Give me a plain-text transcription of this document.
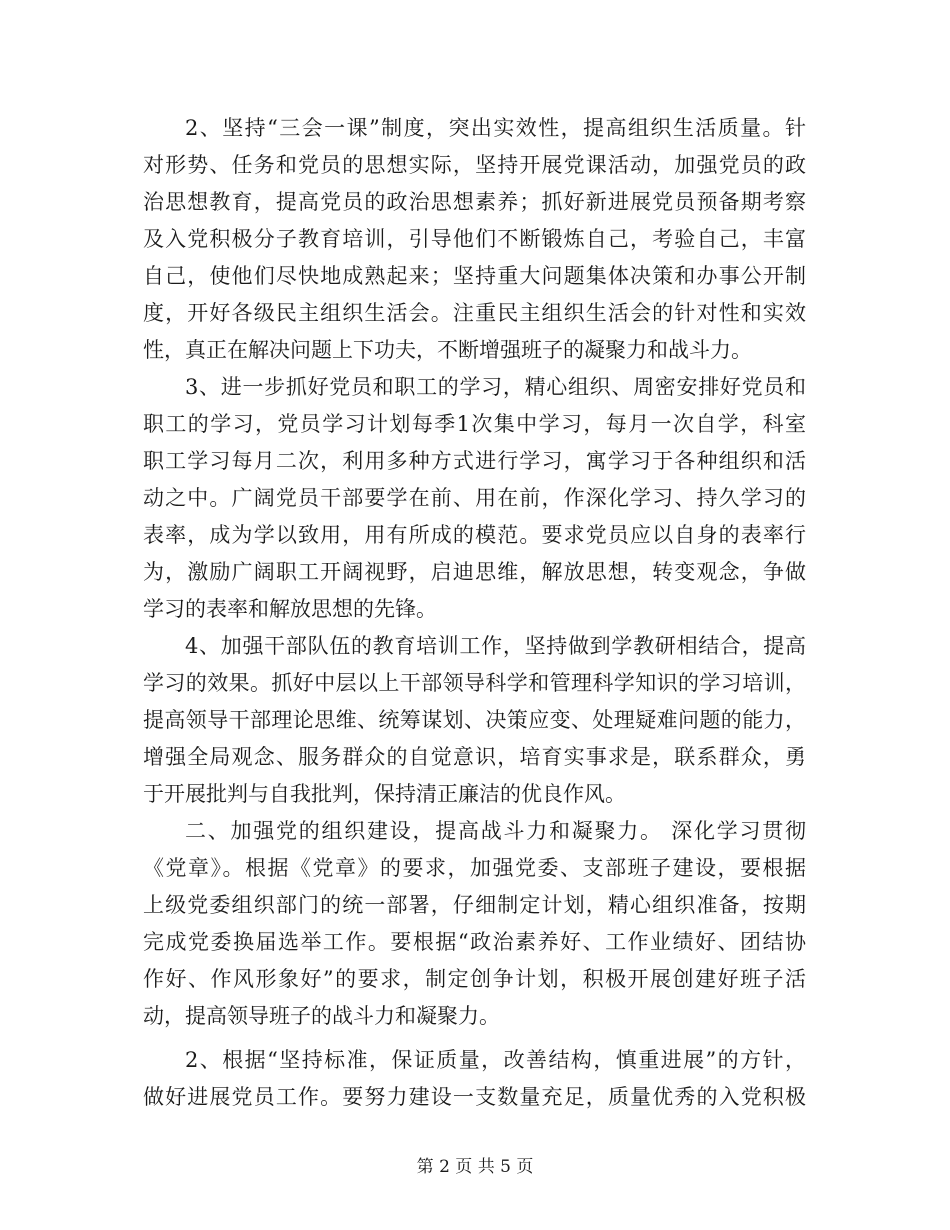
2、坚持“三会一课”制度，突出实效性，提高组织生活质量。针
对形势、任务和党员的思想实际，坚持开展党课活动，加强党员的政
治思想教育，提高党员的政治思想素养；抓好新进展党员预备期考察
及入党积极分子教育培训，引导他们不断锻炼自己，考验自己，丰富
自己，使他们尽快地成熟起来；坚持重大问题集体决策和办事公开制
度，开好各级民主组织生活会。注重民主组织生活会的针对性和实效
性，真正在解决问题上下功夫，不断增强班子的凝聚力和战斗力。
3、进一步抓好党员和职工的学习，精心组织、周密安排好党员和
职工的学习，党员学习计划每季1次集中学习，每月一次自学，科室
职工学习每月二次，利用多种方式进行学习，寓学习于各种组织和活
动之中。广阔党员干部要学在前、用在前，作深化学习、持久学习的
表率，成为学以致用，用有所成的模范。要求党员应以自身的表率行
为，激励广阔职工开阔视野，启迪思维，解放思想，转变观念，争做
学习的表率和解放思想的先锋。
4、加强干部队伍的教育培训工作，坚持做到学教研相结合，提高
学习的效果。抓好中层以上干部领导科学和管理科学知识的学习培训，
提高领导干部理论思维、统筹谋划、决策应变、处理疑难问题的能力，
增强全局观念、服务群众的自觉意识，培育实事求是，联系群众，勇
于开展批判与自我批判，保持清正廉洁的优良作风。
二、加强党的组织建设，提高战斗力和凝聚力。 深化学习贯彻
《党章》。根据《党章》的要求，加强党委、支部班子建设，要根据
上级党委组织部门的统一部署，仔细制定计划，精心组织准备，按期
完成党委换届选举工作。要根据“政治素养好、工作业绩好、团结协
作好、作风形象好”的要求，制定创争计划，积极开展创建好班子活
动，提高领导班子的战斗力和凝聚力。
2、根据“坚持标准，保证质量，改善结构，慎重进展”的方针，
做好进展党员工作。要努力建设一支数量充足，质量优秀的入党积极
第 2 页 共 5 页
